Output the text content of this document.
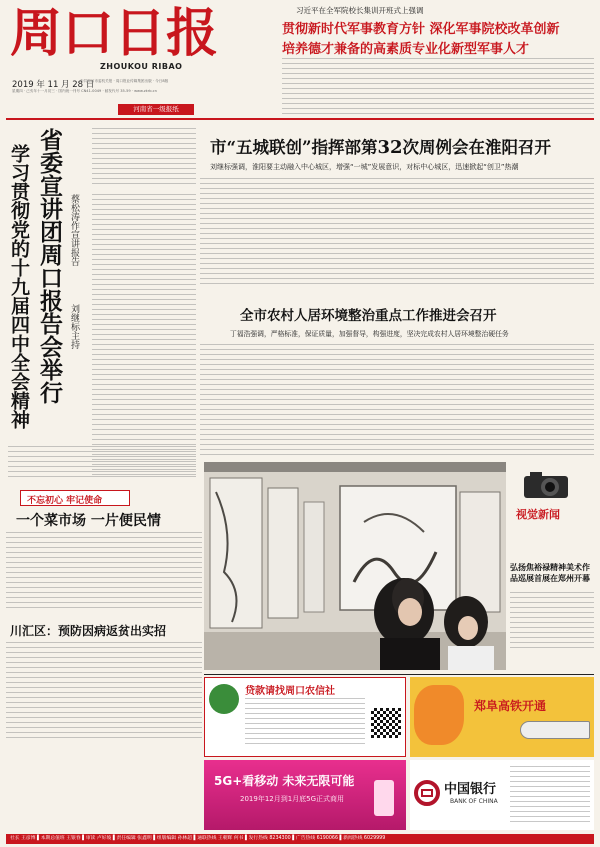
周口日报
ZHOUKOU RIBAO
2019 年 11 月 28 日
中共周口市委机关报 · 周口报业传媒集团出版 · 今日8版
星期四 · 己亥年十一月初三 · 国内统一刊号 CN41-0049 · 邮发代号 35-59 · www.zkrb.cn
河南省一级报纸
习近平在全军院校长集训开班式上强调
贯彻新时代军事教育方针 深化军事院校改革创新
培养德才兼备的高素质专业化新型军事人才
省委宣讲团周口报告会举行
学习贯彻党的十九届四中全会精神	蔡松涛作宣讲报告
刘继标主持
市“五城联创”指挥部第32次周例会在淮阳召开
刘继标强调，淮阳要主动融入中心城区，增强“一城”发展意识，对标中心城区，迅速掀起“创卫”热潮
全市农村人居环境整治重点工作推进会召开
丁福浩强调，严格标准，保证质量，加强督导，构强进度，坚决完成农村人居环境整治硬任务
不忘初心 牢记使命
一个菜市场 一片便民情
川汇区：预防因病返贫出实招
视觉新闻
弘扬焦裕禄精神美术作品巡展首展在郑州开幕
贷款请找周口农信社
郑阜高铁开通
5G+看移动 未来无限可能
2019年12月到1月底5G正式商用
中国银行
BANK OF CHINA
社长 王彦博 ▌本期总值班 王银春 ▌审读 卢好坡 ▌责任编辑 张鑫明 ▌组版编辑 孙林超 ▌通联热线 王朝辉 何书 ▌发行热线 8234300 ▌广告热线 6190066 ▌新闻热线 6029999
